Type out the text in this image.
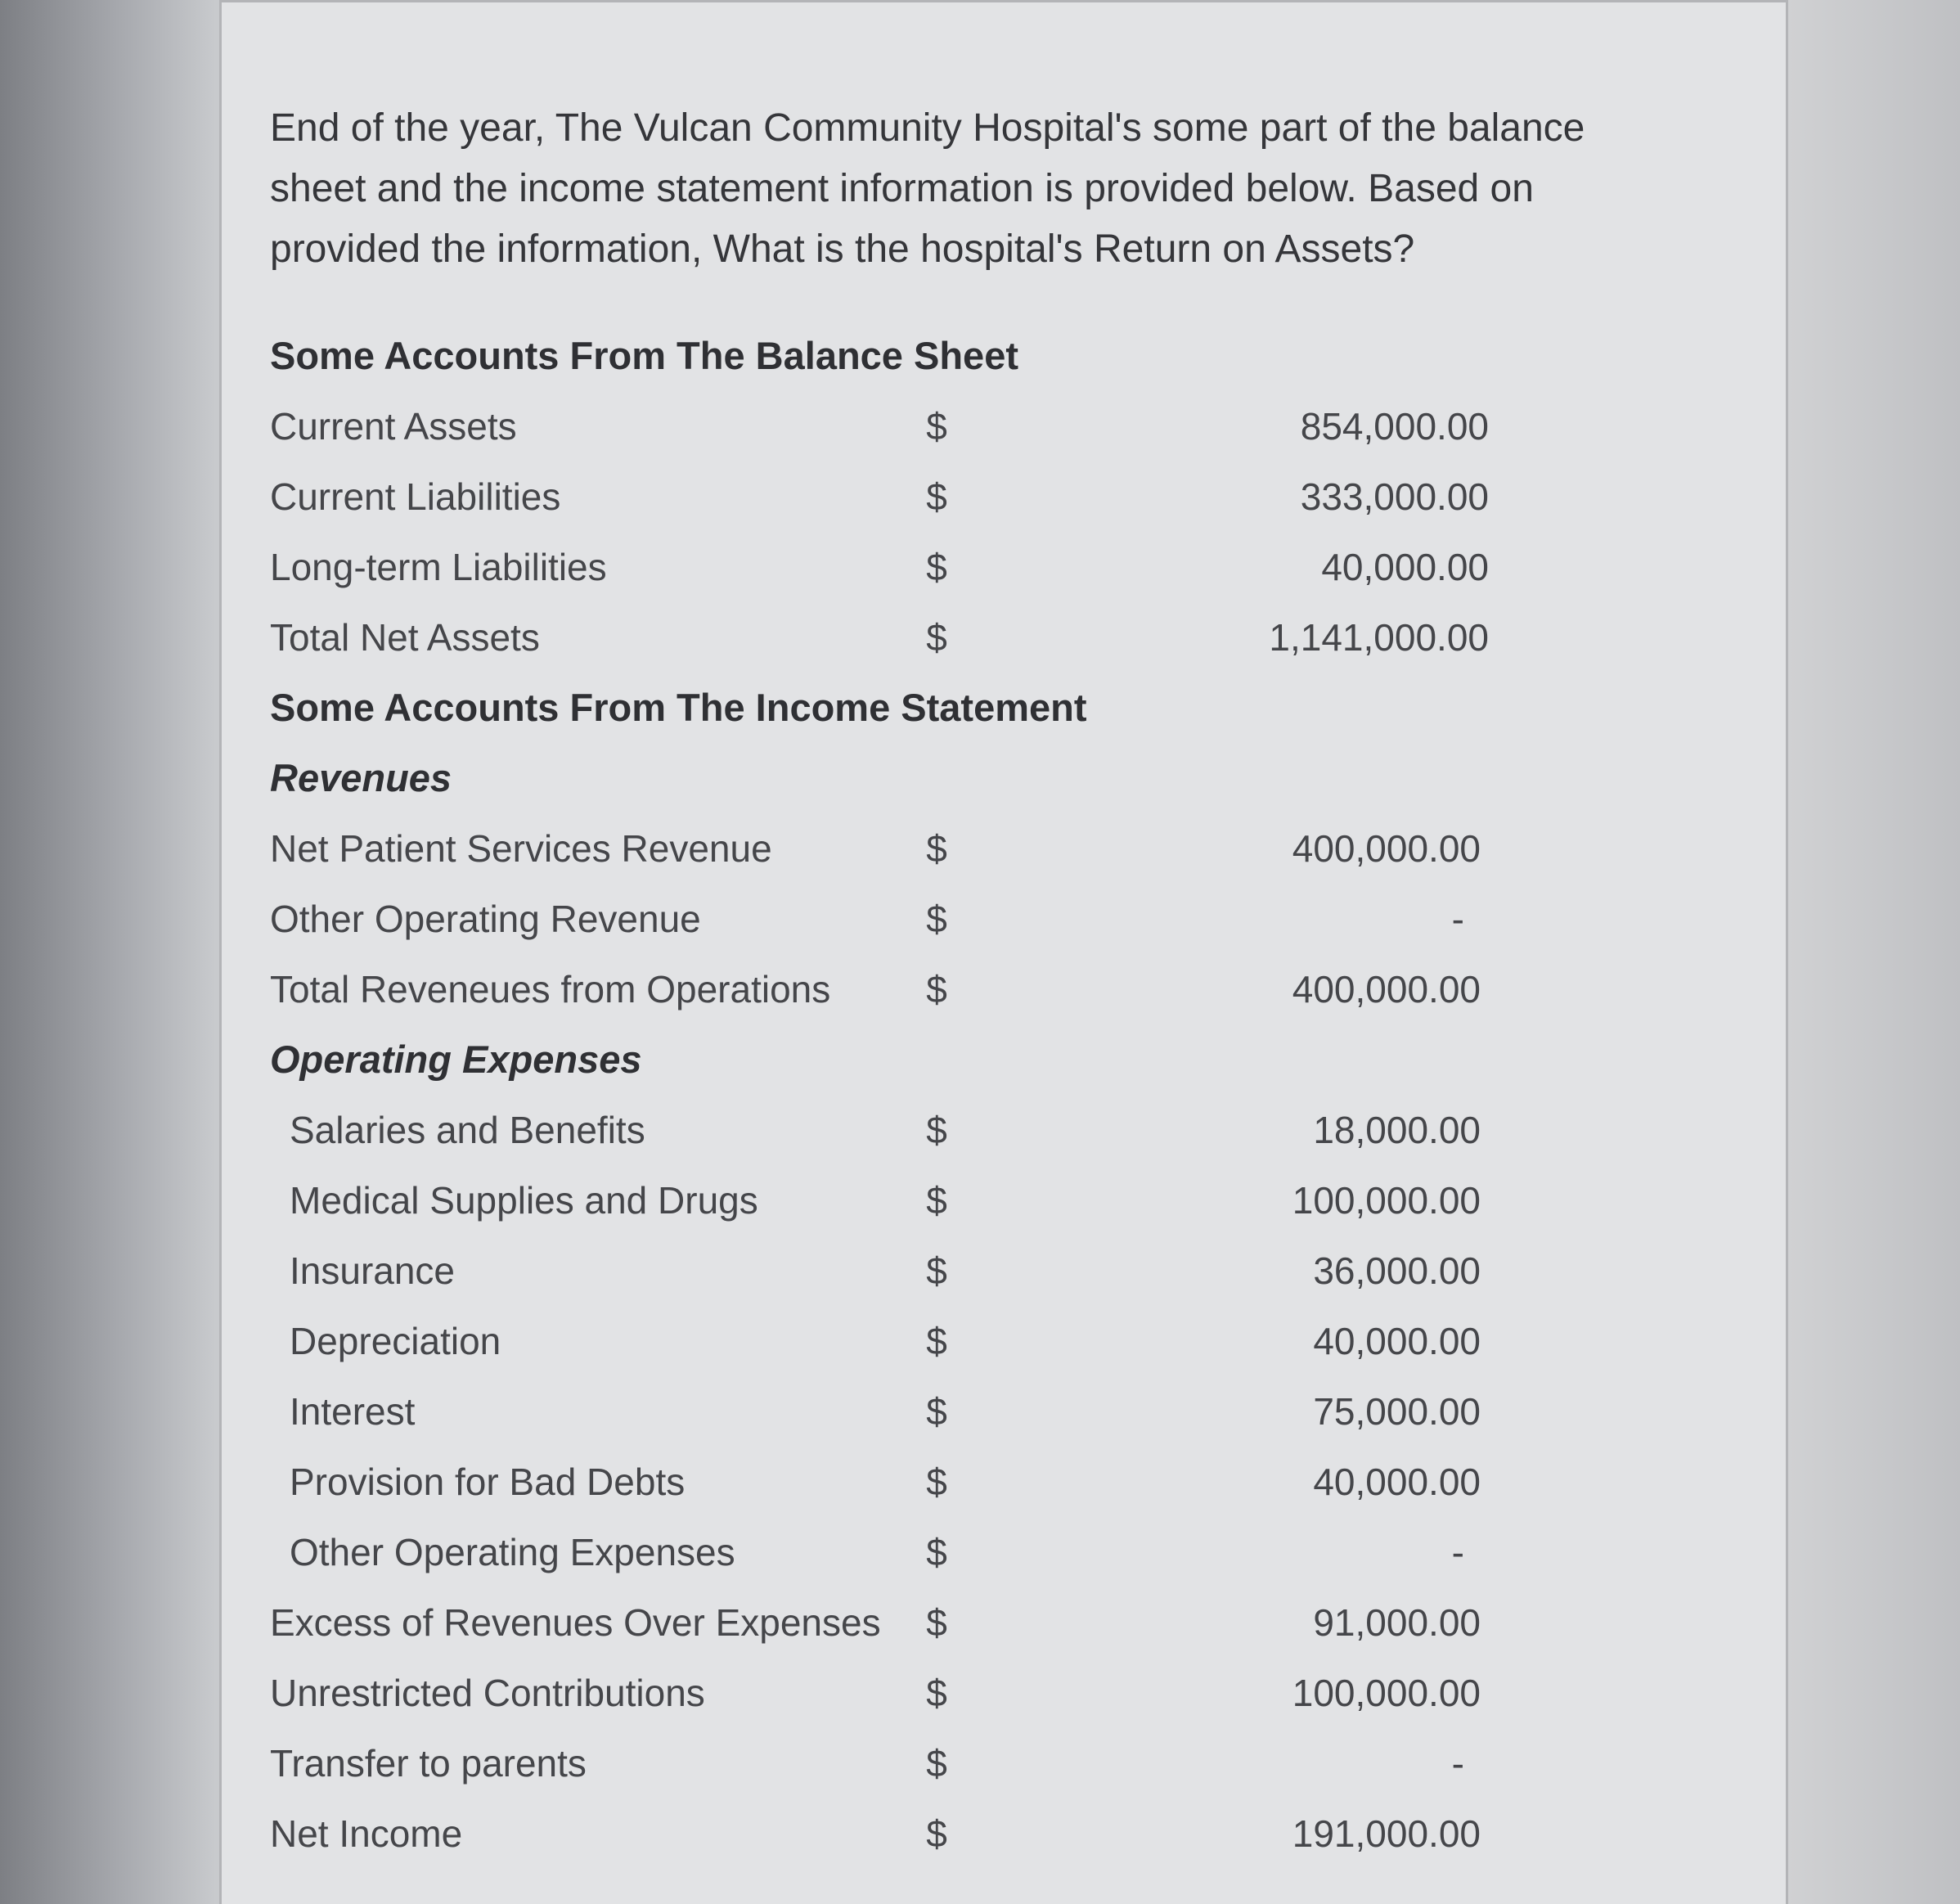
End of the year, The Vulcan Community Hospital's some part of the balance sheet and the income statement information is provided below. Based on provided the information, What is the hospital's Return on Assets?

Some Accounts From The Balance Sheet
Current Assets	$	854,000.00
Current Liabilities	$	333,000.00
Long-term Liabilities	$	40,000.00
Total Net Assets	$	1,141,000.00
Some Accounts From The Income Statement
Revenues
Net Patient Services Revenue	$	400,000.00
Other Operating Revenue	$	-
Total Reveneues from Operations	$	400,000.00
Operating Expenses
Salaries and Benefits	$	18,000.00
Medical Supplies and Drugs	$	100,000.00
Insurance	$	36,000.00
Depreciation	$	40,000.00
Interest	$	75,000.00
Provision for Bad Debts	$	40,000.00
Other Operating Expenses	$	-
Excess of Revenues Over Expenses	$	91,000.00
Unrestricted Contributions	$	100,000.00
Transfer to parents	$	-
Net Income	$	191,000.00
